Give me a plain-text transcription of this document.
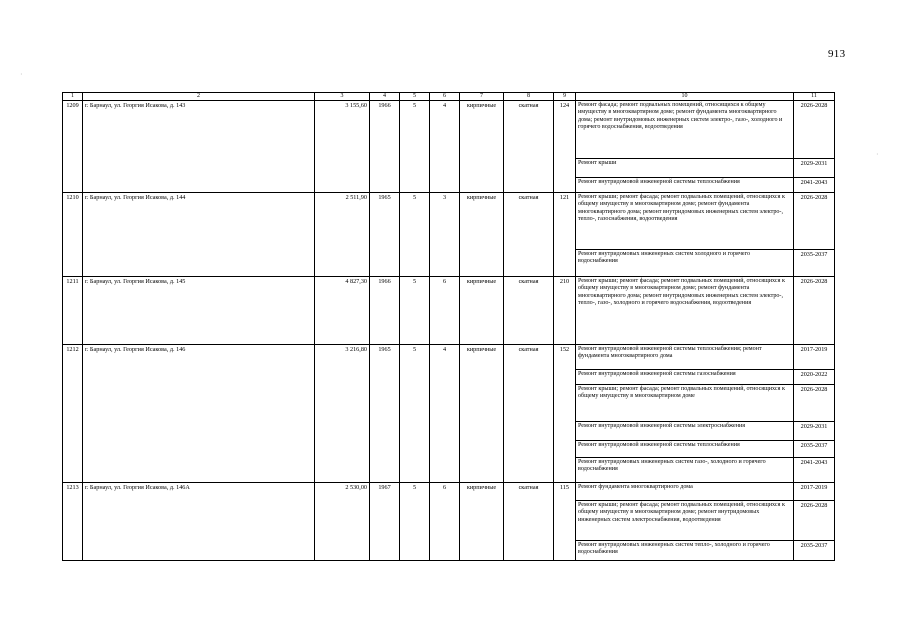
913
·
·
1	2	3	4	5	6	7	8	9	10	11
1209	г. Барнаул, ул. Георгия Исакова, д. 143	3 155,60	1966	5	4	кирпичные	скатная	124	Ремонт фасада; ремонт подвальных помещений, относящихся к общему имуществу в многоквартирном доме; ремонт фундамента многоквартирного дома; ремонт внутридомовых инженерных систем электро-, газо-, холодного и горячего водоснабжения, водоотведения	2026-2028
									Ремонт крыши	2029-2031
									Ремонт внутридомовой инженерной системы теплоснабжения	2041-2043
1210	г. Барнаул, ул. Георгия Исакова, д. 144	2 511,90	1965	5	3	кирпичные	скатная	121	Ремонт крыши; ремонт фасада; ремонт подвальных помещений, относящихся к общему имуществу в многоквартирном доме; ремонт фундамента многоквартирного дома; ремонт внутридомовых инженерных систем электро-, тепло-, газоснабжения, водоотведения	2026-2028
									Ремонт внутридомовых инженерных систем холодного и горячего водоснабжения	2035-2037
1211	г. Барнаул, ул. Георгия Исакова, д. 145	4 827,30	1966	5	6	кирпичные	скатная	210	Ремонт крыши; ремонт фасада; ремонт подвальных помещений, относящихся к общему имуществу в многоквартирном доме; ремонт фундамента многоквартирного дома; ремонт внутридомовых инженерных систем электро-, тепло-, газо-, холодного и горячего водоснабжения, водоотведения	2026-2028
1212	г. Барнаул, ул. Георгия Исакова, д. 146	3 216,80	1965	5	4	кирпичные	скатная	152	Ремонт внутридомовой инженерной системы теплоснабжения; ремонт фундамента многоквартирного дома	2017-2019
									Ремонт внутридомовой инженерной системы газоснабжения	2020-2022
									Ремонт крыши; ремонт фасада; ремонт подвальных помещений, относящихся к общему имуществу в многоквартирном доме	2026-2028
									Ремонт внутридомовой инженерной системы электроснабжения	2029-2031
									Ремонт внутридомовой инженерной системы теплоснабжения	2035-2037
									Ремонт внутридомовых инженерных систем газо-, холодного и горячего водоснабжения	2041-2043
1213	г. Барнаул, ул. Георгия Исакова, д. 146А	2 530,00	1967	5	6	кирпичные	скатная	115	Ремонт фундамента многоквартирного дома	2017-2019
									Ремонт крыши; ремонт фасада; ремонт подвальных помещений, относящихся к общему имуществу в многоквартирном доме; ремонт внутридомовых инженерных систем электроснабжения, водоотведения	2026-2028
									Ремонт внутридомовых инженерных систем тепло-, холодного и горячего водоснабжения	2035-2037
